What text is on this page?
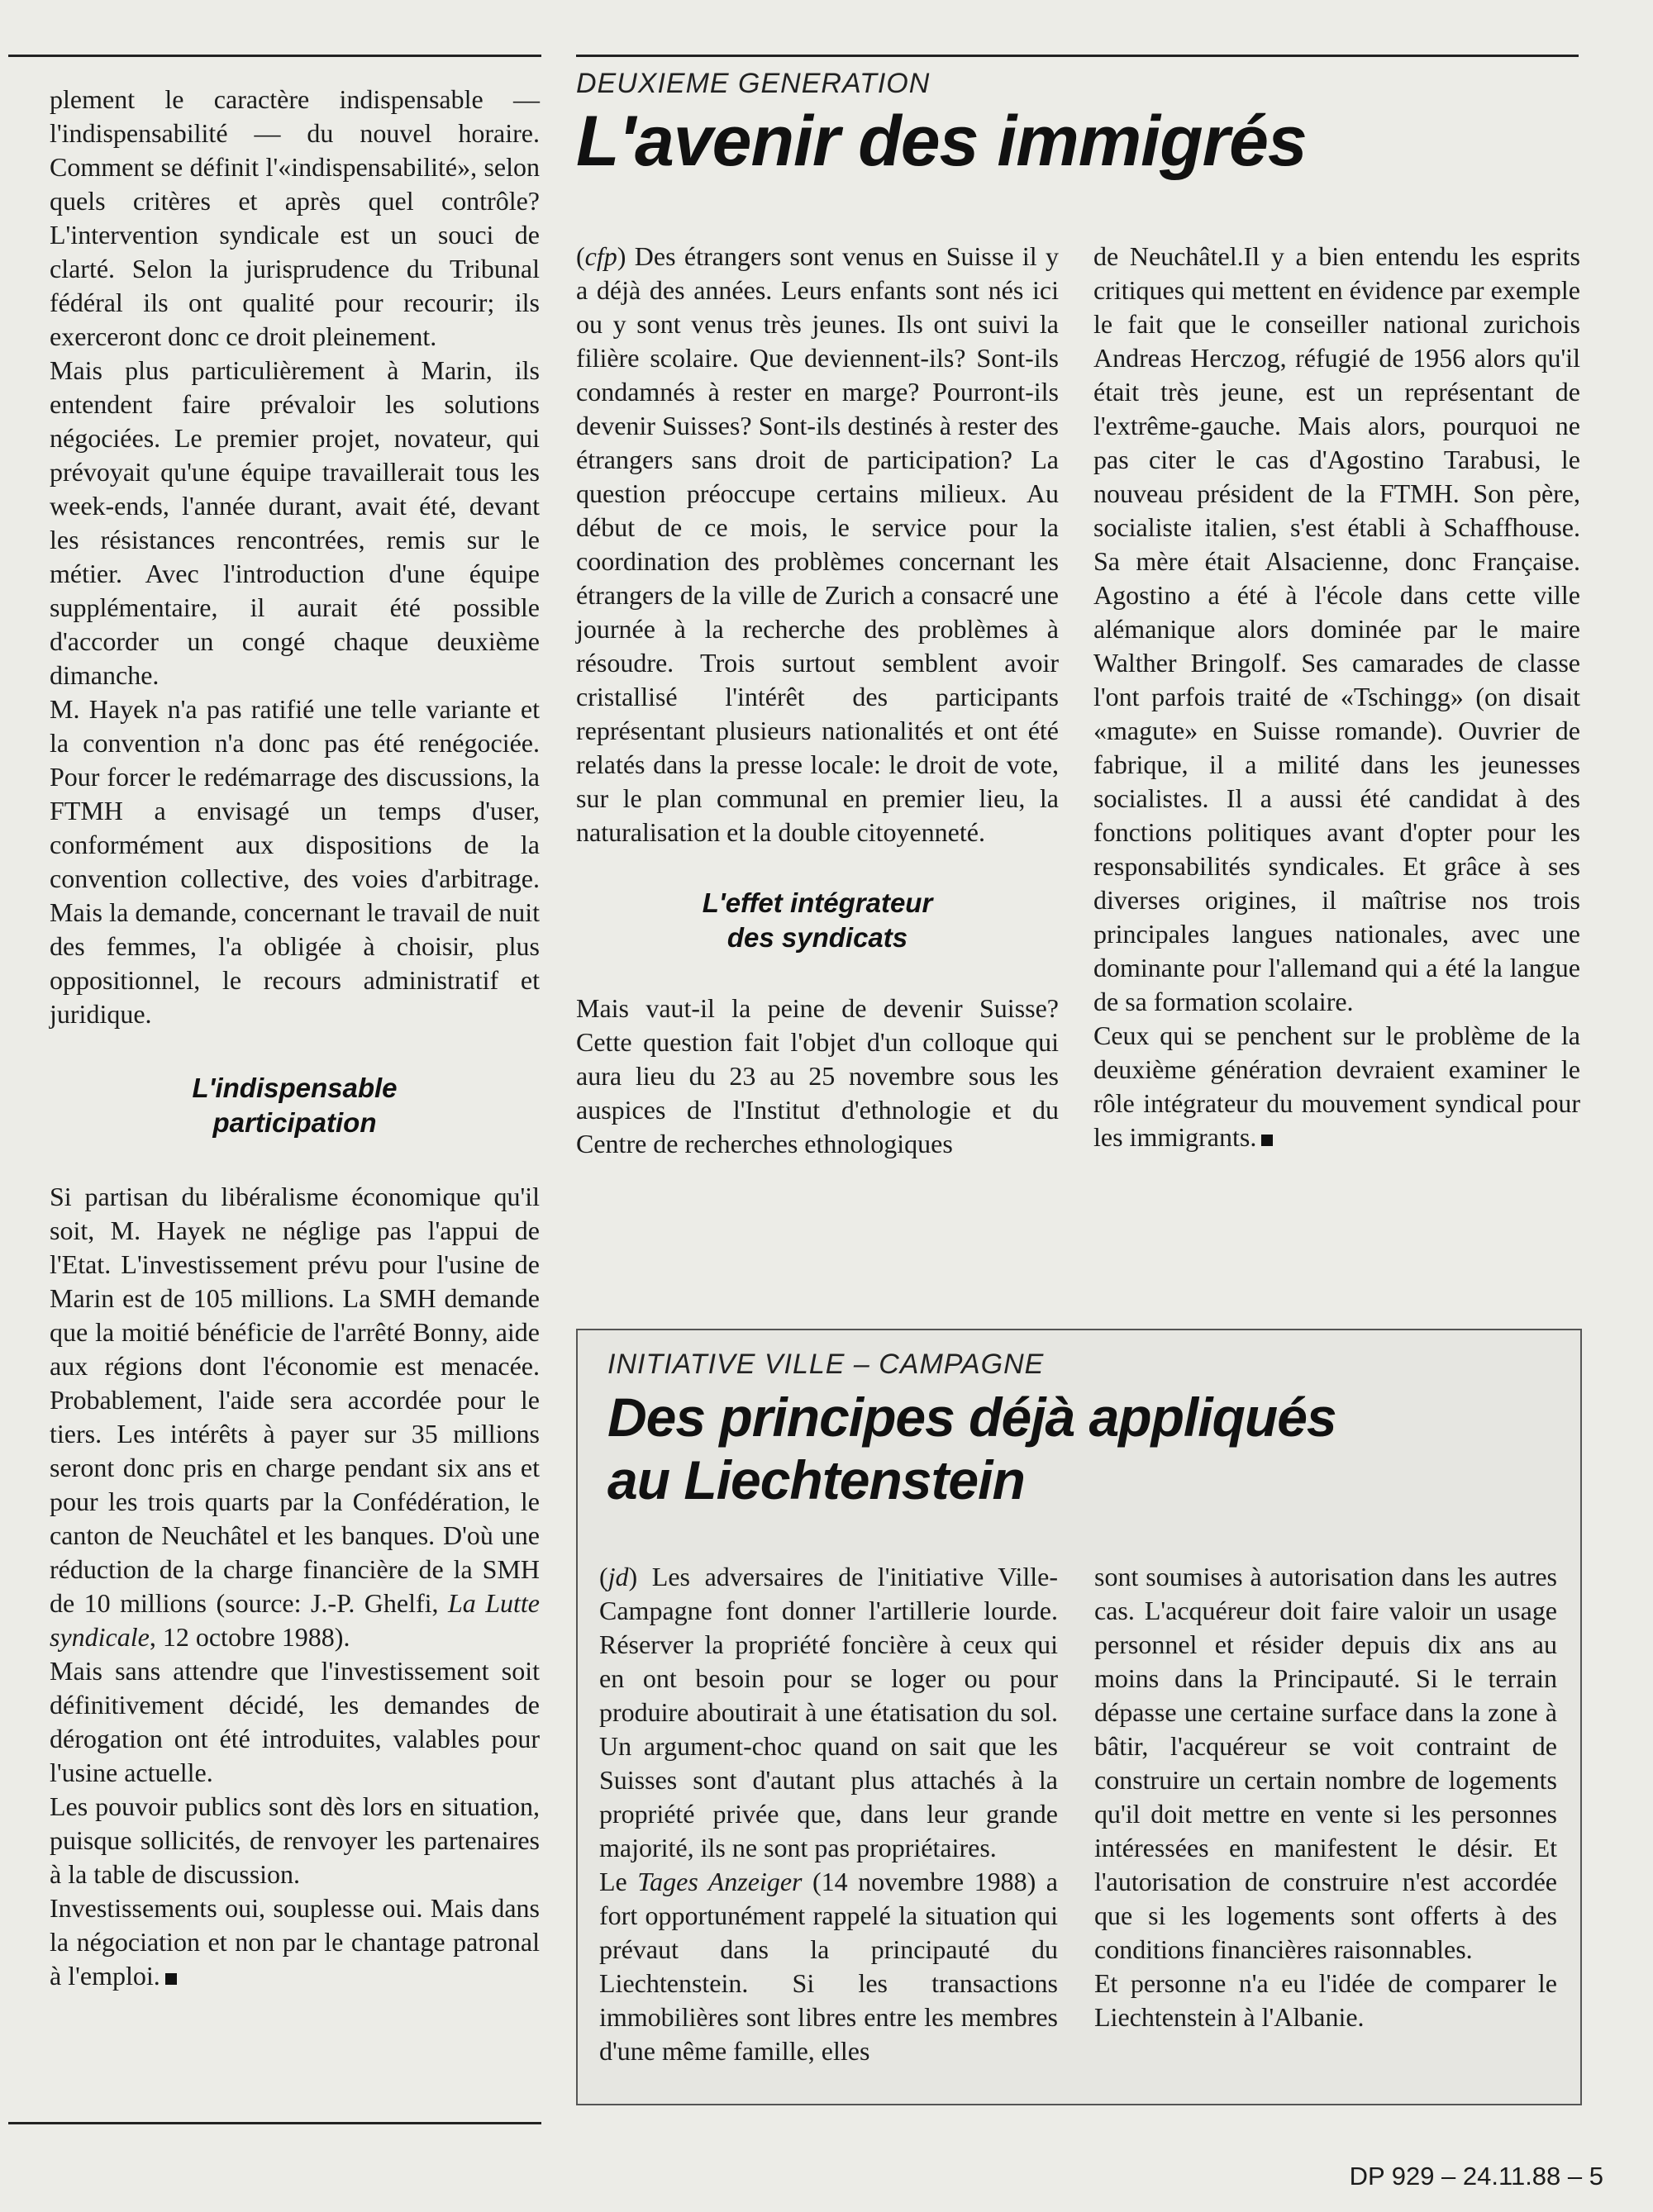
plement le caractère indispensable — l'indispensabilité — du nouvel horaire. Comment se définit l'«indispensabilité», selon quels critères et après quel contrôle? L'intervention syndicale est un souci de clarté. Selon la jurisprudence du Tribunal fédéral ils ont qualité pour recourir; ils exerceront donc ce droit pleinement.

Mais plus particulièrement à Marin, ils entendent faire prévaloir les solutions négociées. Le premier projet, novateur, qui prévoyait qu'une équipe travaillerait tous les week-ends, l'année durant, avait été, devant les résistances rencontrées, remis sur le métier. Avec l'introduction d'une équipe supplémentaire, il aurait été possible d'accorder un congé chaque deuxième dimanche.

M. Hayek n'a pas ratifié une telle variante et la convention n'a donc pas été renégociée. Pour forcer le redémarrage des discussions, la FTMH a envisagé un temps d'user, conformément aux dispositions de la convention collective, des voies d'arbitrage. Mais la demande, concernant le travail de nuit des femmes, l'a obligée à choisir, plus oppositionnel, le recours administratif et juridique.

L'indispensable
participation

Si partisan du libéralisme économique qu'il soit, M. Hayek ne néglige pas l'appui de l'Etat. L'investissement prévu pour l'usine de Marin est de 105 millions. La SMH demande que la moitié bénéficie de l'arrêté Bonny, aide aux régions dont l'économie est menacée. Probablement, l'aide sera accordée pour le tiers. Les intérêts à payer sur 35 millions seront donc pris en charge pendant six ans et pour les trois quarts par la Confédération, le canton de Neuchâtel et les banques. D'où une réduction de la charge financière de la SMH de 10 millions (source: J.-P. Ghelfi, La Lutte syndicale, 12 octobre 1988).

Mais sans attendre que l'investissement soit définitivement décidé, les demandes de dérogation ont été introduites, valables pour l'usine actuelle.

Les pouvoir publics sont dès lors en situation, puisque sollicités, de renvoyer les partenaires à la table de discussion.

Investissements oui, souplesse oui. Mais dans la négociation et non par le chantage patronal à l'emploi.

DEUXIEME GENERATION

L'avenir des immigrés

(cfp) Des étrangers sont venus en Suisse il y a déjà des années. Leurs enfants sont nés ici ou y sont venus très jeunes. Ils ont suivi la filière scolaire. Que deviennent-ils? Sont-ils condamnés à rester en marge? Pourront-ils devenir Suisses? Sont-ils destinés à rester des étrangers sans droit de participation? La question préoccupe certains milieux. Au début de ce mois, le service pour la coordination des problèmes concernant les étrangers de la ville de Zurich a consacré une journée à la recherche des problèmes à résoudre. Trois surtout semblent avoir cristallisé l'intérêt des participants représentant plusieurs nationalités et ont été relatés dans la presse locale: le droit de vote, sur le plan communal en premier lieu, la naturalisation et la double citoyenneté.

L'effet intégrateur
des syndicats

Mais vaut-il la peine de devenir Suisse? Cette question fait l'objet d'un colloque qui aura lieu du 23 au 25 novembre sous les auspices de l'Institut d'ethnologie et du Centre de recherches ethnologiques

de Neuchâtel.Il y a bien entendu les esprits critiques qui mettent en évidence par exemple le fait que le conseiller national zurichois Andreas Herczog, réfugié de 1956 alors qu'il était très jeune, est un représentant de l'extrême-gauche. Mais alors, pourquoi ne pas citer le cas d'Agostino Tarabusi, le nouveau président de la FTMH. Son père, socialiste italien, s'est établi à Schaffhouse. Sa mère était Alsacienne, donc Française. Agostino a été à l'école dans cette ville alémanique alors dominée par le maire Walther Bringolf. Ses camarades de classe l'ont parfois traité de «Tschingg» (on disait «magute» en Suisse romande). Ouvrier de fabrique, il a milité dans les jeunesses socialistes. Il a aussi été candidat à des fonctions politiques avant d'opter pour les responsabilités syndicales. Et grâce à ses diverses origines, il maîtrise nos trois principales langues nationales, avec une dominante pour l'allemand qui a été la langue de sa formation scolaire.

Ceux qui se penchent sur le problème de la deuxième génération devraient examiner le rôle intégrateur du mouvement syndical pour les immigrants.

INITIATIVE VILLE – CAMPAGNE

Des principes déjà appliqués
au Liechtenstein

(jd) Les adversaires de l'initiative Ville-Campagne font donner l'artillerie lourde. Réserver la propriété foncière à ceux qui en ont besoin pour se loger ou pour produire aboutirait à une étatisation du sol. Un argument-choc quand on sait que les Suisses sont d'autant plus attachés à la propriété privée que, dans leur grande majorité, ils ne sont pas propriétaires.

Le Tages Anzeiger (14 novembre 1988) a fort opportunément rappelé la situation qui prévaut dans la principauté du Liechtenstein. Si les transactions immobilières sont libres entre les membres d'une même famille, elles

sont soumises à autorisation dans les autres cas. L'acquéreur doit faire valoir un usage personnel et résider depuis dix ans au moins dans la Principauté. Si le terrain dépasse une certaine surface dans la zone à bâtir, l'acquéreur se voit contraint de construire un certain nombre de logements qu'il doit mettre en vente si les personnes intéressées en manifestent le désir. Et l'autorisation de construire n'est accordée que si les logements sont offerts à des conditions financières raisonnables.

Et personne n'a eu l'idée de comparer le Liechtenstein à l'Albanie.

DP 929 – 24.11.88 – 5
